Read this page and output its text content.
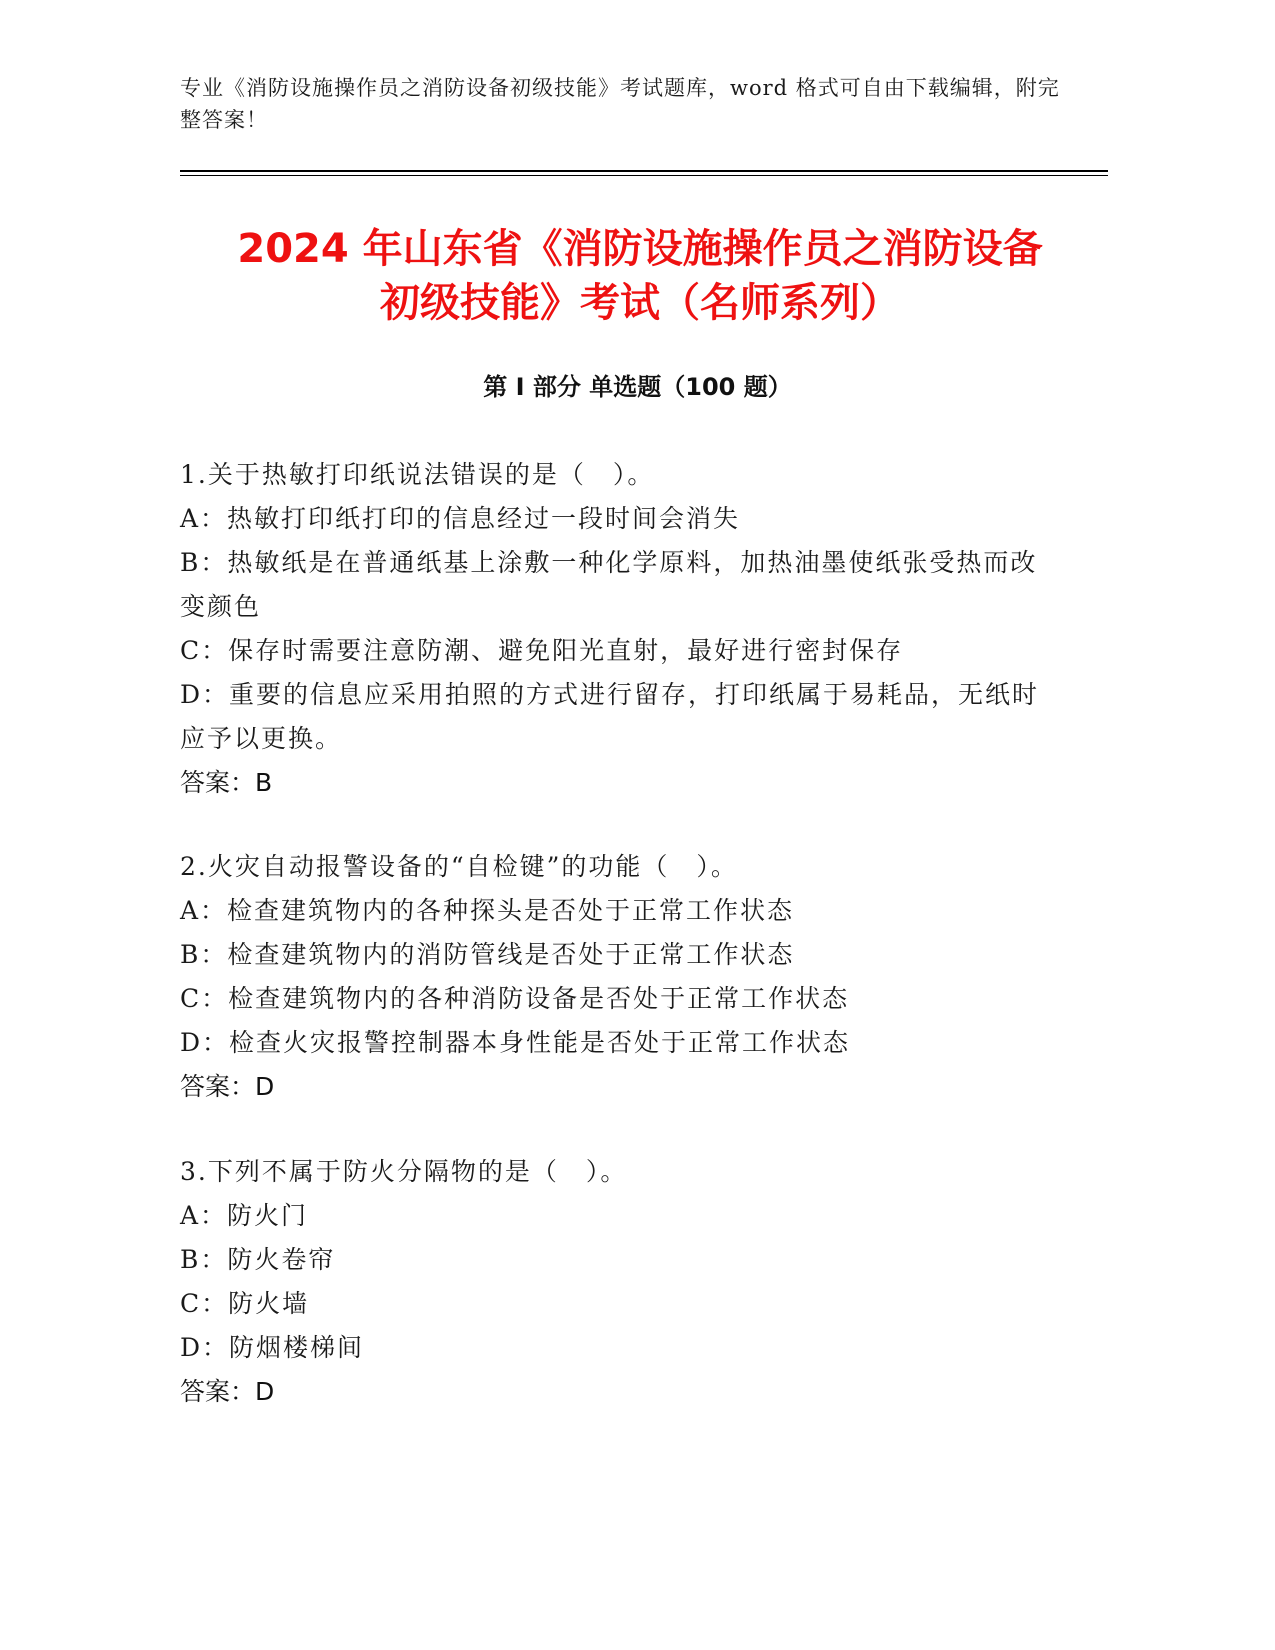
专业《消防设施操作员之消防设备初级技能》考试题库，word 格式可自由下载编辑，附完整答案！
2024 年山东省《消防设施操作员之消防设备
初级技能》考试（名师系列）
第 I 部分 单选题（100 题）

1.关于热敏打印纸说法错误的是（　）。

A：热敏打印纸打印的信息经过一段时间会消失

B：热敏纸是在普通纸基上涂敷一种化学原料，加热油墨使纸张受热而改变颜色

C：保存时需要注意防潮、避免阳光直射，最好进行密封保存

D：重要的信息应采用拍照的方式进行留存，打印纸属于易耗品，无纸时应予以更换。

答案：B

2.火灾自动报警设备的“自检键”的功能（　）。

A：检查建筑物内的各种探头是否处于正常工作状态

B：检查建筑物内的消防管线是否处于正常工作状态

C：检查建筑物内的各种消防设备是否处于正常工作状态

D：检查火灾报警控制器本身性能是否处于正常工作状态

答案：D

3.下列不属于防火分隔物的是（　）。

A：防火门

B：防火卷帘

C：防火墙

D：防烟楼梯间

答案：D
